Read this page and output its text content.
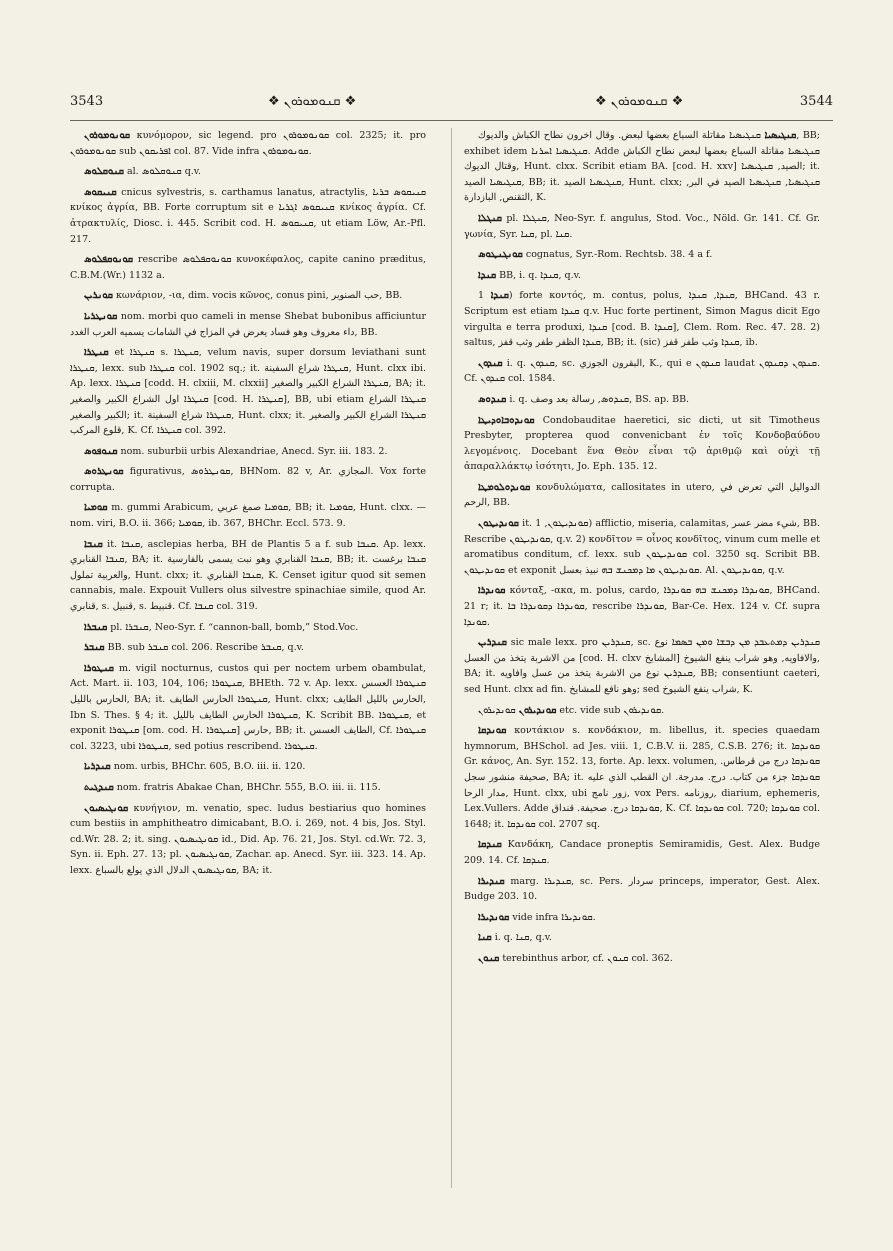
3543	❖ ܩܢܘܡܘܪܘܢ ❖	❖ ܩܢܘܡܘܪܘܢ ❖	3544

ܩܘܢܘܡܘܪܘܢ κυνόμορον, sic legend. pro ܩܘܢܘܡܘܪܘܢ col. 2325; it. pro ܩܘܢܘܡܘܪܘܢ sub ܐܦܪܝܩܘܢ col. 87. Vide infra ܩܘܢܘܡܘܪܘܢ.

ܩܢܘܩܠܘܣ al. ܩܢܘܩܠܘܣ q.v.

ܩܢܝܩܘܣ cnicus sylvestris, s. carthamus lanatus, atractylis, ܩܢܝܩܘܣ ܒܪܝܐ κνίκος ἀγρία, BB. Forte corruptum sit e ܩܢܝܩܘܣ ܐܓܪܝܐ κνίκος ἀγρία. Cf. ἀτρακτυλίς, Diosc. i. 445. Scribit cod. H. ܩܢܝܩܘܣ, ut etiam Löw, Ar.-Pfl. 217.

ܩܘܢܘܩܦܠܘܣ rescribe ܩܘܢܘܩܦܠܘܣ κυνοκέφαλος, capite canino præditus, C.B.M.(Wr.) 1132 a.

ܩܘܢܪܝܢ κωνάριον, -ια, dim. vocis κῶνος, conus pini, حب الصنوبر, BB.

ܩܘܢܛܪܝܐ nom. morbi quo cameli in mense Shebat bubonibus afficiuntur داء معروف وهو فساد يعرض في المزاج في الشامات يسميه العرب الغدد, BB.

ܩܢܛܪܐ et ܩܢܛܪܐ s. ܩܢܛܪܐ, velum navis, super dorsum leviathani sunt ܩܢܛܪܐ, lexx. sub ܩܢܛܪܐ col. 1902 sq.; it. ܩܢܛܪܐ شراع السفينة, Hunt. clxx ibi. Ap. lexx. ܩܢܛܪܐ [codd. H. clxiii, M. clxxii] ܩܢܛܪܐ الشراع الكبير والصغير, BA; it. ܩܢܛܪܐ اول الشراع الكبير والصغير [cod. H. ܩܢܛܪܐ], BB, ubi etiam ܩܢܛܪܐ الشراع الكبير والصغير; it. ܩܢܛܪܐ شراع السفينة, Hunt. clxx; it. ܩܢܛܪܐ الشراع الكبير والصغير قلوع المركب, K. Cf. ܩܢܛܪܐ col. 392.

ܩܢܘܦܘܣ nom. suburbii urbis Alexandriae, Anecd. Syr. iii. 183. 2.

ܩܘܢܛܪܘܣ figurativus, ܩܘܢܛܪܘܣ, BHNom. 82 v, Ar. المجازي. Vox forte corrupta.

ܩܘܡܝܐ m. gummi Arabicum, ܩܘܡܝܐ صمغ عربي, BB; it. ܩܘܡܝܐ, Hunt. clxx. — nom. viri, B.O. ii. 366; ܩܘܡܝܐ, ib. 367, BHChr. Eccl. 573. 9.

ܩܢܒܐ it. ܩܢܒܐ, asclepias herba, BH de Plantis 5 a f. sub ܩܢܒܐ. Ap. lexx. ܩܢܒܐ القنابري, BA; it. ܩܢܒܐ القنابري وهو نبت يسمى بالفارسية, BB; it. ܩܢܒܐ برغست والعربية تملول, Hunt. clxx; it. ܩܢܒܐ القنابري, K. Censet igitur quod sit semen cannabis, male. Expouit Vullers olus silvestre spinachiae simile, quod Ar. قنابري, s. قنبيل, s. قنبيط. Cf. ܩܢܒܐ col. 319.

ܩܢܒܪܐ pl. ܩܢܒܪܐ, Neo-Syr. f. “cannon-ball, bomb,” Stod.Voc.

ܩܢܒܪ BB. sub ܩܢܒܪ col. 206. Rescribe ܩܢܒܪ, q.v.

ܩܢܛܘܪܐ m. vigil nocturnus, custos qui per noctem urbem obambulat, Act. Mart. ii. 103, 104, 106; ܩܢܛܘܪܐ, BHEth. 72 v. Ap. lexx. ܩܢܛܘܪܐ العسس الحارس بالليل, BA; it. ܩܢܛܘܪܐ الحارس الطايف, Hunt. clxx; الحارس بالليل الطايف, Ibn S. Thes. § 4; it. ܩܢܛܘܪܐ الحارس الطايف بالليل, K. Scribit BB. ܩܢܛܘܪܐ, et exponit ܩܢܛܘܪܐ [om. cod. H. ܩܢܛܘܪܐ] حارس, BB; it. الطايف العسس, Cf. ܩܢܛܘܪܐ col. 3223, ubi ܩܢܛܘܪܐ, sed potius rescribend. ܩܢܛܘܪܐ.

ܩܢܕܪܝܐ nom. urbis, BHChr. 605, B.O. iii. ii. 120.

ܩܢܕܓܝܬ nom. fratris Abakae Chan, BHChr. 555, B.O. iii. ii. 115.

ܩܘܢܓܝܣܝܘܢ κυνήγιον, m. venatio, spec. ludus bestiarius quo homines cum bestiis in amphitheatro dimicabant, B.O. i. 269, not. 4 bis, Jos. Styl. cd.Wr. 28. 2; it. sing. ܩܘܢܓܝܣܝܘܢ id., Did. Ap. 76. 21, Jos. Styl. cd.Wr. 72. 3, Syn. ii. Eph. 27. 13; pl. ܩܘܢܓܝܣܝܘܢ, Zachar. ap. Anecd. Syr. iii. 323. 14. Ap. lexx. ܩܘܢܓܝܣܝܘܢ الدلال الذي يولع بالسباع, BA; it.

ܩܢܓܝܣܝܐ ܩܢܓܝܣܝܐ مقاتلة السباع بعضها لبعض. وقال اخرون نطاح الكباش والديوك, BB; exhibet idem ܩܢܓܝܣܝܐ ܐܚܪܢܐ. Adde ܩܢܓܝܣܝܐ مقاتلة السباع بعضها لبعض نطاح الكباش وقتال الديوك, Hunt. clxx. Scribit etiam BA. [cod. H. xxv] الصيد, ܩܢܓܝܣܝܐ; it. ܩܢܓܝܣܝܐ الصيد, BB; it. ܩܢܓܝܣܝܐ الصيد, Hunt. clxx; ܩܢܓܝܣܝܐ, ܩܢܓܝܣܝܐ الصيد في البر, التقنص, البازدارة, K.

ܩܢܓܠܐ pl. ܩܢܓܠܐ, Neo-Syr. f. angulus, Stod. Voc., Nöld. Gr. 141. Cf. Gr. γωνία, Syr. ܩܢܐ, pl. ܩܢܐ.

ܩܘܢܓܢܛܘܣ cognatus, Syr.-Rom. Rechtsb. 38. 4 a f.

ܩܢܕܐ BB, i. q. ܩܢܕܐ, q.v.

ܩܢܕܐ 1) forte κοντός, m. contus, polus, ܩܢܕܐ, ܩܢܕܐ, BHCand. 43 r. Scriptum est etiam ܩܢܕܐ q.v. Huc forte pertinent, Simon Magus dicit Ego virgulta e terra produxi, ܩܢܕܐ [cod. B. ܩܢܕܐ], Clem. Rom. Rec. 47. 28. 2) saltus, ܩܢܕܐ الظفر طفر وثب قفز, BB; it. (sic) ܩܢܕܐ وثب طفر قفز, ib.

ܩܢܕܘܢ i. q. ܩܢܕܘܢ, sc. البقرون الجوزي, K., qui e ܩܢܕܘܢ laudat ܩܢܕܘܢ ܕܩܢܕܘܢ. Cf. ܩܢܕܘܢ col. 1584.

ܩܢܕܘܣ i. q. ܩܢܕܘܣ, رسالة بعد وصف, BS. ap. BB.

ܩܘܢܕܘܒܐܘܕܝܛܐ Condobauditae haeretici, sic dicti, ut sit Timotheus Presbyter, propterea quod convenicbant ἐν τοῖς Κονδοβαύδου λεγομένοις. Docebant ἕνα Θεὸν εἶναι τῷ ἀριθμῷ καὶ οὐχὶ τῇ ἀπαραλλάκτῳ ἰσότητι, Jo. Eph. 135. 12.

ܩܘܢܕܘܠܘܡܛܐ κονδυλώματα, callositates in utero, الدواليل التي تعرض في الرحم, BB.

ܩܘܢܕܝܛܘܢ it. ܩܘܢܕܝܛܘܢ, 1) afflictio, miseria, calamitas, شيء مضر عسر, BB. Rescribe ܩܘܢܕܝܛܘܢ, q.v. 2) κονδῖτον = οἶνος κονδῖτος, vinum cum melle et aromatibus conditum, cf. lexx. sub ܩܘܢܕܝܛܘܢ col. 3250 sq. Scribit BB. ܩܘܢܕܝܛܘܢ et exponit ܩܘܢܕܝܛܘܢ ܡܐ ܕܡܟܢܫ ܒܗ نبيذ بعسل. Al. ܩܘܢܕܝܛܘܢ, q.v.

ܩܘܢܕܪܐ κόνταξ, -ακα, m. polus, cardo, ܩܘܢܕܪܐ ܕܡܟܢܫ ܒܗ ܩܘܢܕܪܐ, BHCand. 21 r; it. ܩܘܢܕܪܐ ܕܩܘܢܕܪܐ ܒܐ, rescribe ܩܘܢܕܪܐ, Bar-Ce. Hex. 124 v. Cf. supra ܩܘܢܕܐ.

ܩܢܕܪܝܢ sic male lexx. pro ܩܢܕܪܝܢ, sc. ܩܢܕܪܝܢ ܕܡܬܥܒܕ ܡܢ ܕܒܫܐ ܘܡܢ ܒܣܡܐ نوع من الاشربة يتخذ من العسل [cod. H. clxv المشايخ] والافاويه, وهو شراب ينفع الشيوخ, BA; it. ܩܢܕܪܝܢ نوع من الاشربة يتخذ من عسل وافاويه, BB; consentiunt caeteri, sed Hunt. clxx ad fin. وهو نافع للمشايخ; sed شراب ينفع الشيوخ, K.

ܩܘܢܕܝܪܘܢ ܩܘܢܕܝܪܘܢ etc. vide sub ܩܘܢܕܝܪܘܢ.

ܩܘܢܕܩܐ κοντάκιον s. κονδάκιον, m. libellus, it. species quaedam hymnorum, BHSchol. ad Jes. viii. 1, C.B.V. ii. 285, C.S.B. 276; it. ܩܘܢܕܩܐ Gr. κάνος, An. Syr. 152. 13, forte. Ap. lexx. volumen, ܩܘܢܕܩܐ درج من قرطاس. صحيفة منشور سجل, BA; it. ܩܘܢܕܩܐ جزء من كتاب. درج. مدرجة. ان القطب الذي عليه مدار الرحا, Hunt. clxx, ubi زور نامج, vox Pers. روزنامه, diarium, ephemeris, Lex.Vullers. Adde ܩܘܢܕܩܐ درج. صحيفة. قنداق, K. Cf. ܩܘܢܕܩܐ col. 720; ܩܘܢܕܩܐ col. 1648; it. ܩܘܢܕܩܐ col. 2707 sq.

ܩܢܕܩܐ Κανδάκη, Candace proneptis Semiramidis, Gest. Alex. Budge 209. 14. Cf. ܩܢܕܩܐ.

ܩܢܕܝܪܐ marg. ܩܢܕܝܪܐ, sc. Pers. سردار princeps, imperator, Gest. Alex. Budge 203. 10.

ܩܘܢܕܝܪܐ vide infra ܩܘܢܕܝܪܐ.

ܩܢܐ i. q. ܩܢܐ, q.v.

ܩܢܘܢ terebinthus arbor, cf. ܩܢܘܢ col. 362.
